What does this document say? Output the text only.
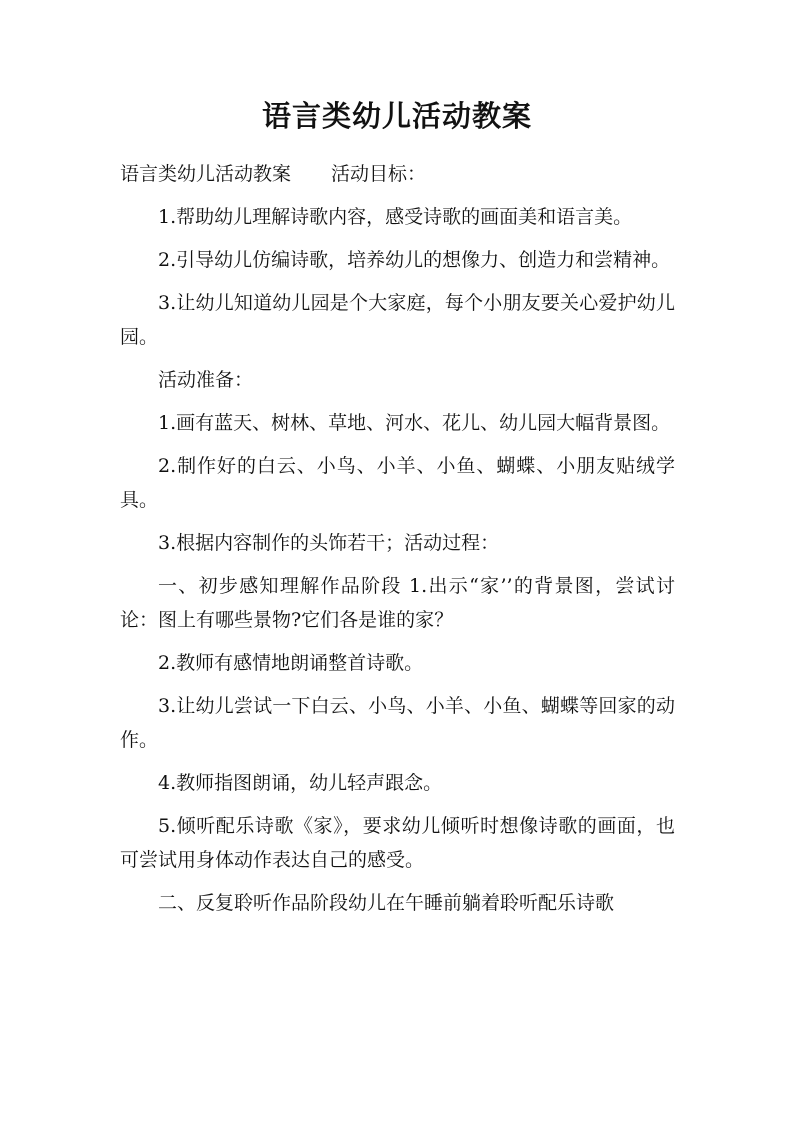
语言类幼儿活动教案

语言类幼儿活动教案 活动目标：

1.帮助幼儿理解诗歌内容，感受诗歌的画面美和语言美。

2.引导幼儿仿编诗歌，培养幼儿的想像力、创造力和尝精神。

3.让幼儿知道幼儿园是个大家庭，每个小朋友要关心爱护幼儿园。

活动准备：

1.画有蓝天、树林、草地、河水、花儿、幼儿园大幅背景图。

2.制作好的白云、小鸟、小羊、小鱼、蝴蝶、小朋友贴绒学具。

3.根据内容制作的头饰若干；活动过程：

一、初步感知理解作品阶段 1.出示“家’’的背景图，尝试讨论：图上有哪些景物?它们各是谁的家？

2.教师有感情地朗诵整首诗歌。

3.让幼儿尝试一下白云、小鸟、小羊、小鱼、蝴蝶等回家的动作。

4.教师指图朗诵，幼儿轻声跟念。

5.倾听配乐诗歌《家》，要求幼儿倾听时想像诗歌的画面，也可尝试用身体动作表达自己的感受。

二、反复聆听作品阶段幼儿在午睡前躺着聆听配乐诗歌
